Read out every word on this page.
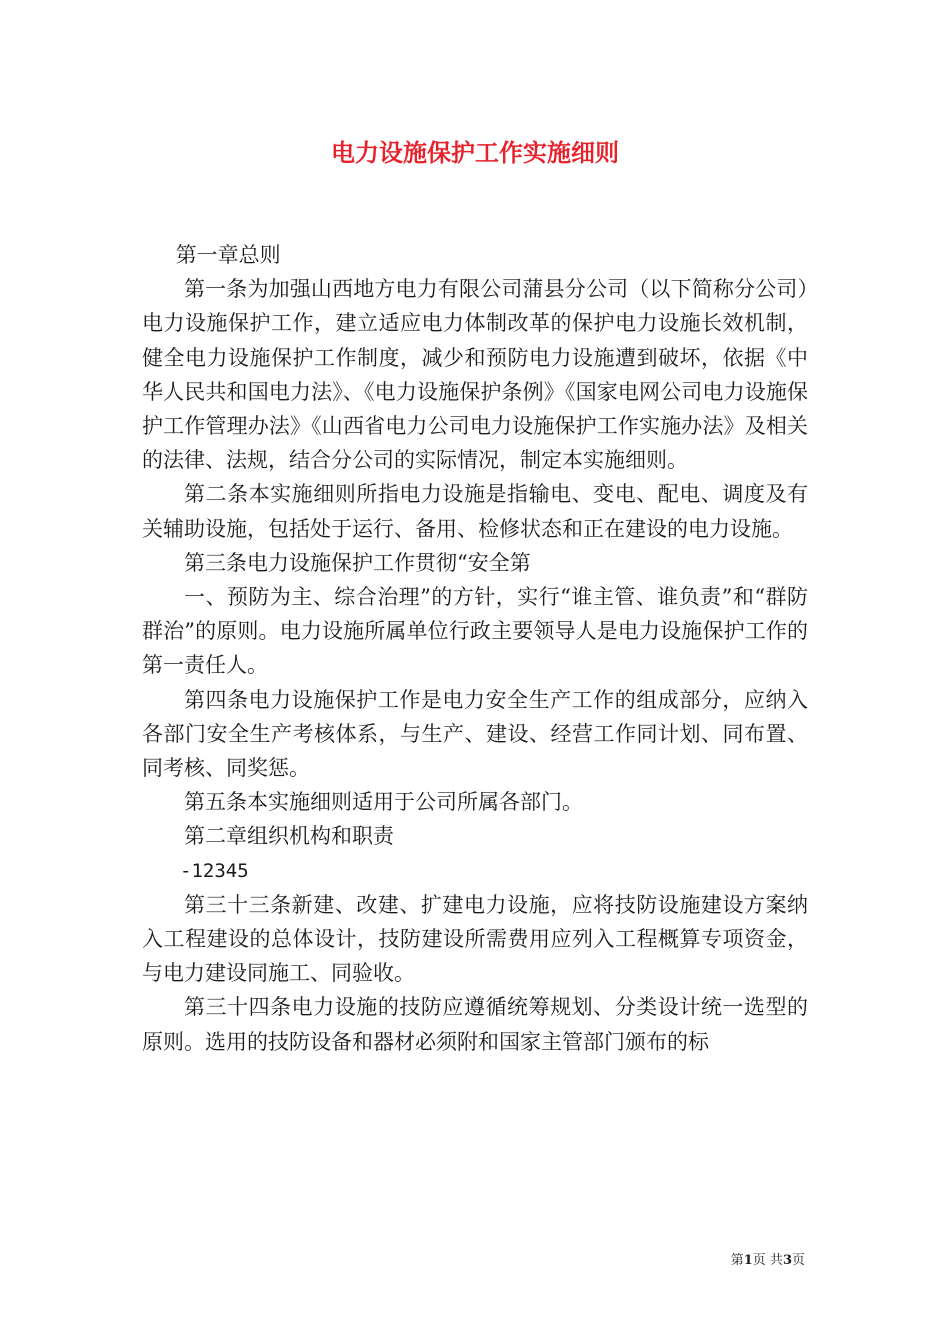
电力设施保护工作实施细则

第一章总则

第一条为加强山西地方电力有限公司蒲县分公司（以下简称分公司）电力设施保护工作，建立适应电力体制改革的保护电力设施长效机制，健全电力设施保护工作制度，减少和预防电力设施遭到破坏，依据《中华人民共和国电力法》、《电力设施保护条例》《国家电网公司电力设施保护工作管理办法》《山西省电力公司电力设施保护工作实施办法》及相关的法律、法规，结合分公司的实际情况，制定本实施细则。

第二条本实施细则所指电力设施是指输电、变电、配电、调度及有关辅助设施，包括处于运行、备用、检修状态和正在建设的电力设施。

第三条电力设施保护工作贯彻“安全第

一、预防为主、综合治理”的方针，实行“谁主管、谁负责”和“群防群治”的原则。电力设施所属单位行政主要领导人是电力设施保护工作的第一责任人。

第四条电力设施保护工作是电力安全生产工作的组成部分，应纳入各部门安全生产考核体系，与生产、建设、经营工作同计划、同布置、同考核、同奖惩。

第五条本实施细则适用于公司所属各部门。

第二章组织机构和职责

-12345

第三十三条新建、改建、扩建电力设施，应将技防设施建设方案纳入工程建设的总体设计，技防建设所需费用应列入工程概算专项资金，与电力建设同施工、同验收。

第三十四条电力设施的技防应遵循统筹规划、分类设计统一选型的原则。选用的技防设备和器材必须附和国家主管部门颁布的标

第1页 共3页
